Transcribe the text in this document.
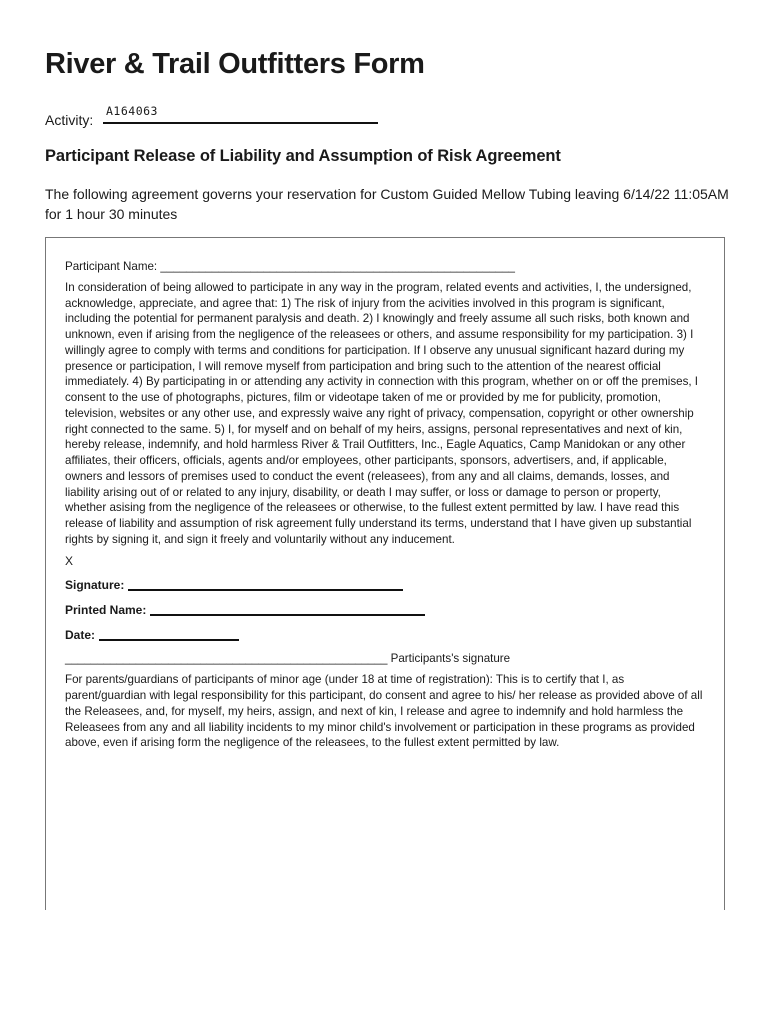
River & Trail Outfitters Form
Activity:
A164063
Participant Release of Liability and Assumption of Risk Agreement

The following agreement governs your reservation for Custom Guided Mellow Tubing leaving 6/14/22 11:05AM for 1 hour 30 minutes

Participant Name: _______________________________________________________

In consideration of being allowed to participate in any way in the program, related events and activities, I, the undersigned, acknowledge, appreciate, and agree that: 1) The risk of injury from the acivities involved in this program is significant, including the potential for permanent paralysis and death. 2) I knowingly and freely assume all such risks, both known and unknown, even if arising from the negligence of the releasees or others, and assume responsibility for my participation. 3) I willingly agree to comply with terms and conditions for participation. If I observe any unusual significant hazard during my presence or participation, I will remove myself from participation and bring such to the attention of the nearest official immediately. 4) By participating in or attending any activity in connection with this program, whether on or off the premises, I consent to the use of photographs, pictures, film or videotape taken of me or provided by me for publicity, promotion, television, websites or any other use, and expressly waive any right of privacy, compensation, copyright or other ownership right connected to the same. 5) I, for myself and on behalf of my heirs, assigns, personal representatives and next of kin, hereby release, indemnify, and hold harmless River & Trail Outfitters, Inc., Eagle Aquatics, Camp Manidokan or any other affiliates, their officers, officials, agents and/or employees, other participants, sponsors, advertisers, and, if applicable, owners and lessors of premises used to conduct the event (releasees), from any and all claims, demands, losses, and liability arising out of or related to any injury, disability, or death I may suffer, or loss or damage to person or property, whether asising from the negligence of the releasees or otherwise, to the fullest extent permitted by law. I have read this release of liability and assumption of risk agreement fully understand its terms, understand that I have given up substantial rights by signing it, and sign it freely and voluntarily without any inducement.

X

Signature:
Printed Name:
Date:

__________________________________________________ Participants's signature

For parents/guardians of participants of minor age (under 18 at time of registration): This is to certify that I, as parent/guardian with legal responsibility for this participant, do consent and agree to his/ her release as provided above of all the Releasees, and, for myself, my heirs, assign, and next of kin, I release and agree to indemnify and hold harmless the Releasees from any and all liability incidents to my minor child's involvement or participation in these programs as provided above, even if arising form the negligence of the releasees, to the fullest extent permitted by law.
